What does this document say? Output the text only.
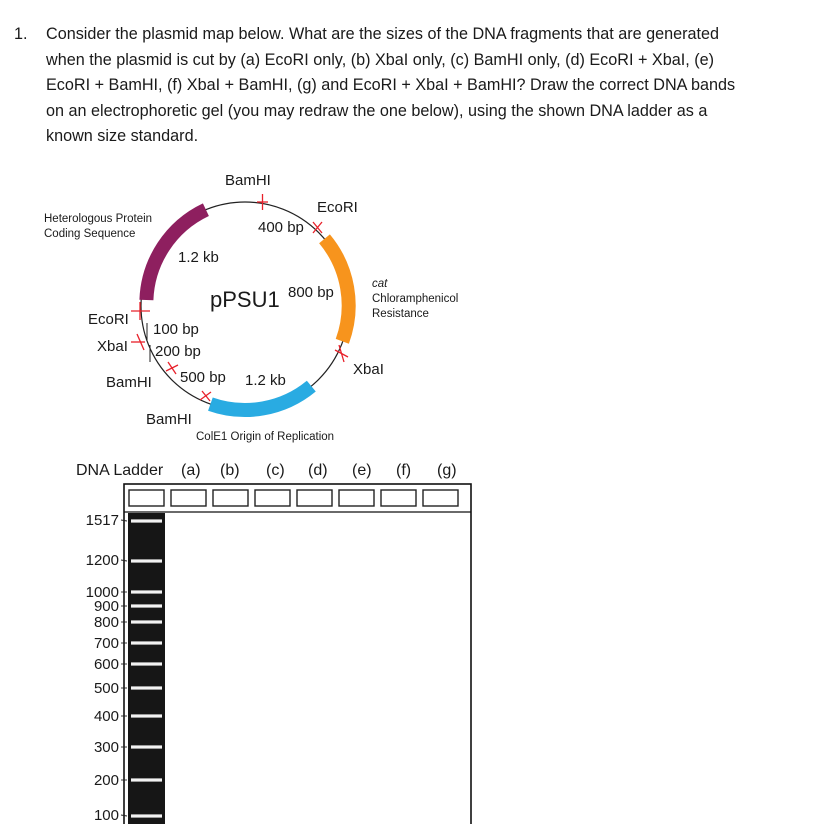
1. Consider the plasmid map below. What are the sizes of the DNA fragments that are generated when the plasmid is cut by (a) EcoRI only, (b) XbaI only, (c) BamHI only, (d) EcoRI + XbaI, (e) EcoRI + BamHI, (f) XbaI + BamHI, (g) and EcoRI + XbaI + BamHI? Draw the correct DNA bands on an electrophoretic gel (you may redraw the one below), using the shown DNA ladder as a known size standard.
BamHI
EcoRI
400 bp
Heterologous Protein
Coding Sequence
1.2 kb
pPSU1 800 bp	cat
Chloramphenicol
Resistance
EcoRI
100 bp
XbaI 200 bp
XbaI
500 bp 1.2 kb
BamHI
BamHI
ColE1 Origin of Replication
DNA Ladder (a) (b) (c) (d) (e) (f) (g)
1517
1200
1000
900
800
700
600
500
400
300
200
100
